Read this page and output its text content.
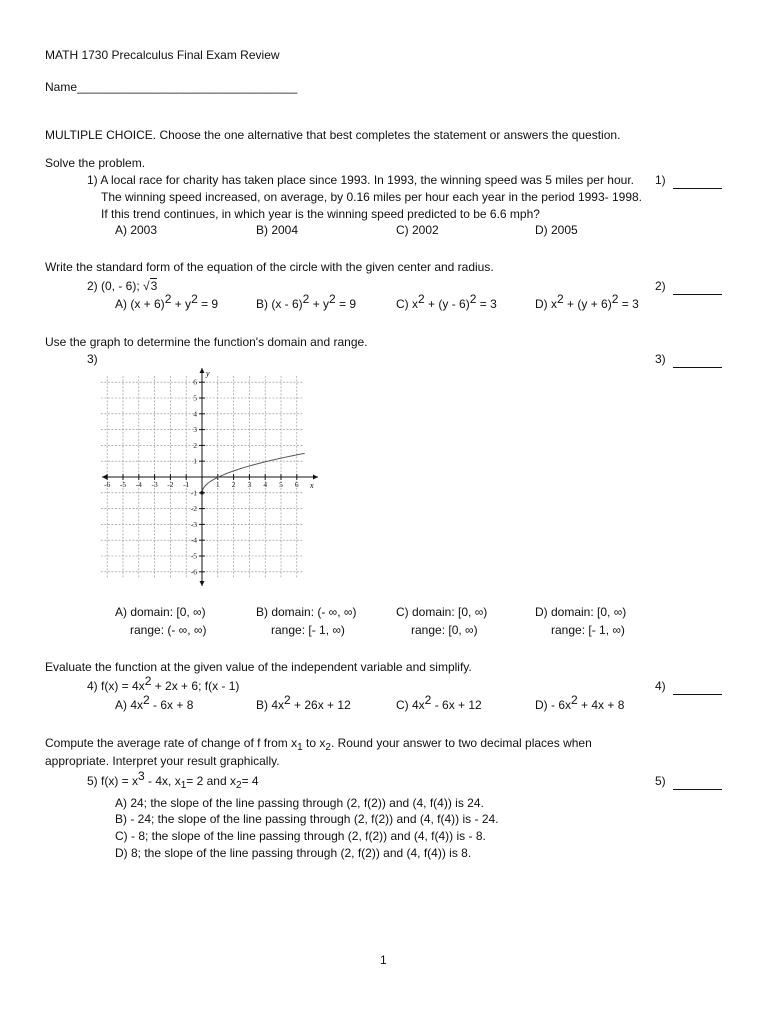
MATH 1730 Precalculus Final Exam Review
Name_________________________________
MULTIPLE CHOICE. Choose the one alternative that best completes the statement or answers the question.
Solve the problem.
1) A local race for charity has taken place since 1993. In 1993, the winning speed was 5 miles per hour.
The winning speed increased, on average, by 0.16 miles per hour each year in the period 1993- 1998.
If this trend continues, in which year is the winning speed predicted to be 6.6 mph?
A) 2003	B) 2004	C) 2002	D) 2005
1)
Write the standard form of the equation of the circle with the given center and radius.
2) (0, - 6); √3
A) $(x + 6)^2 + y^2 = 9$	B) $(x - 6)^2 + y^2 = 9$	C) $x^2 + (y - 6)^2 = 3$	D) $x^2 + (y + 6)^2 = 3$
2)
Use the graph to determine the function's domain and range.
3)	3)
-6 -5 -4 -3 -2 -1	1 2 3 4 5 6
6
5
4
3
2
1
-1
-2
-3
-4
-5
-6
x
y
A) domain: [0, ∞)
range: (- ∞, ∞)
B) domain: (- ∞, ∞)
range: [- 1, ∞)
C) domain: [0, ∞)
range: [0, ∞)
D) domain: [0, ∞)
range: [- 1, ∞)
Evaluate the function at the given value of the independent variable and simplify.
4) $f(x) = 4x^2 + 2x + 6$; f(x - 1)
A) $4x^2 - 6x + 8$	B) $4x^2 + 26x + 12$	C) $4x^2 - 6x + 12$	$D) - 6x^2 + 4x + 8$
4)
Compute the average rate of change of f from $x_1$ to $x_2$. Round your answer to two decimal places when
appropriate. Interpret your result graphically.
5) $f(x) = x^3 - 4x$, $x_1= 2$ and $x_2= 4$
A) 24; the slope of the line passing through (2, f(2)) and (4, f(4)) is 24.
B) - 24; the slope of the line passing through (2, f(2)) and (4, f(4)) is - 24.
C) - 8; the slope of the line passing through (2, f(2)) and (4, f(4)) is - 8.
D) 8; the slope of the line passing through (2, f(2)) and (4, f(4)) is 8.
5)
1
